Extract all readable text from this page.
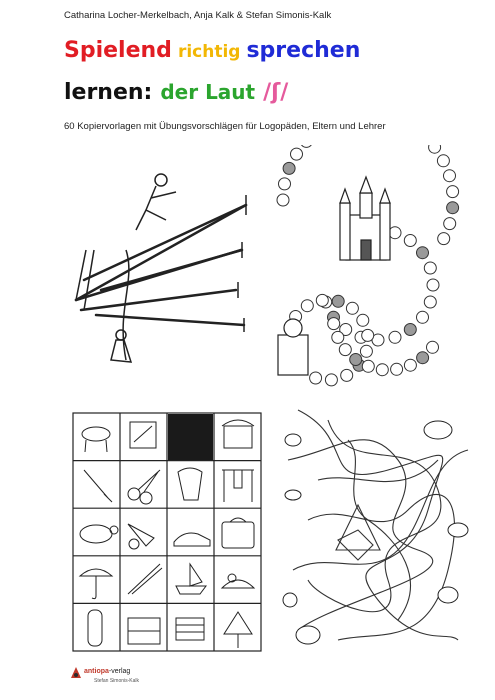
Catharina Locher-Merkelbach, Anja Kalk & Stefan Simonis-Kalk
Spielend richtig sprechen
lernen: der Laut /ʃ/
60 Kopiervorlagen mit Übungsvorschlägen für Logopäden, Eltern und Lehrer
antiopa-verlag
Stefan Simonis-Kalk
